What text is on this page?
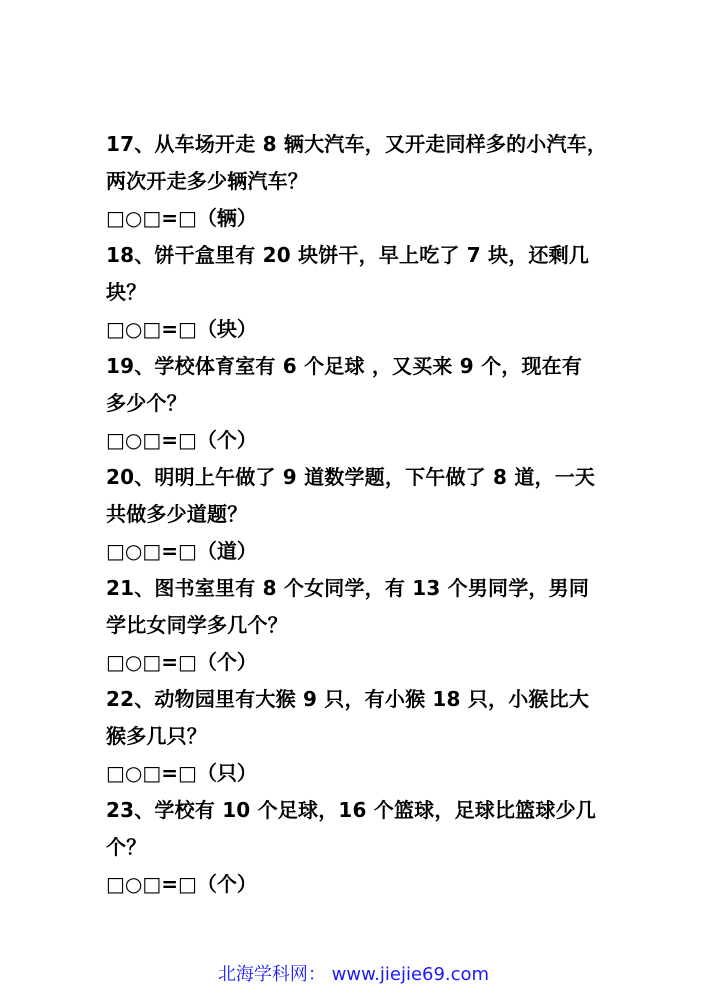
17、从车场开走 8 辆大汽车，又开走同样多的小汽车，
两次开走多少辆汽车？
□○□=□（辆）
18、饼干盒里有 20 块饼干，早上吃了 7 块，还剩几
块？
□○□=□（块）
19、学校体育室有 6 个足球 ，又买来 9 个，现在有
多少个？
□○□=□（个）
20、明明上午做了 9 道数学题，下午做了 8 道，一天
共做多少道题？
□○□=□（道）
21、图书室里有 8 个女同学，有 13 个男同学，男同
学比女同学多几个？
□○□=□（个）
22、动物园里有大猴 9 只，有小猴 18 只，小猴比大
猴多几只？
□○□=□（只）
23、学校有 10 个足球，16 个篮球，足球比篮球少几
个？
□○□=□（个）
北海学科网： www.jiejie69.com
